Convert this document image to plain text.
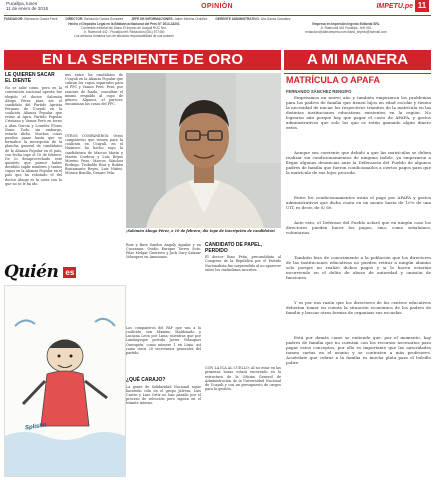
Pucallpa, lunes
11 de enero de 2016	OPINIÓN	IMPETU.pe 11
FUNDADOR: Raimundo Garcia Ferré	DIRECTOR: Raimundo Garcia Gonzalez	JEFE DE INFORMACIONES: Jaime Medina Ordoñez	GERENTE ADMINISTRATIVO: Lita Garcia Gonzalez
Hecho el Depósito Legal en la Biblioteca Nacional del Perú N° 2013-18201
Contenido editorial del Diario El Ímpetu de Ucayali RUC Nro.
Jr. Raimondi 442 - Pucallpa telf: Redacción (061) 577460
Los artículos firmados son de absoluta responsabilidad de sus autores
Empresa en Impresión Ingenio Editorial SRL
Jr. Raimondi 442 Pucallpa - telf: 061
redaccion@diarioimpetu.com diario_impetu@hotmail.com
EN LA SERPIENTE DE ORO	A MI MANERA
LE QUIEREN SACAR EL DIENTE
No se sabe cómo, pero en la convención nacional aprista fue elegido el doctor Salomón Abugo Pérez para ser el candidato del Partido Aprista Peruano de Ucayali en la coalición Alianza Popular que reúne al Apra, Partido Popular Cristiano y Vamos Perú en torno a Alan García y Lourdes Flores Nano. Todo, sin embargo, estaría dicho. Muchos cosas pueden pasar hasta que se formalice la inscripción de la plancha general de candidatos de la Alianza Popular en el país, con fecha tope el 10 de febrero. De lo desaprovechado este quinteto que parece haber decidido suplir nombres y tantos cupos en la Alianza Popular en el país que ha rebotado el del doctor Abugo es la carta con la que no se le ha ido.
nes entre los candidatos de Ucayali en la Alianza Popular que cubran los cupos separados para el PPC y Vamos Perú. Pero, por razones de fondo, consultan el mismo respaldo al cupo de género. Algunos, al parecer, encaminan las cosas del PPC.
OTROS COMPAÑEROS: Otros compañeros que vienen para la coalición en Ucayali, en el Huánuco ha hecho suyo la candidatura de Marcos Marín y Martín Cordova y Luis Reyes Moreno Pezo, Marcos Sánchez Rodrigo, Teobaldo Ríos y Rubén Bustamante Reyes, Luis Núñez, Mónica Bonilla, Genaro Vela.
¡Salomón Abugo Pérez, a 10 de febrero, día tope de inscripción de candidatos!
Ruiz y Bass Sandor Angoly Aguilar y en Cucasmas. Ovidio Enrique Torres Soto. Pilar Melgar Guerrero y Jack Gary Salazar Velasquez en Amasonas.
Los compañeros del PAP que van a la coalición son Maximo Maldonado y Luciana Leon por Lima; mientras que por Lambayeque postula Javier Velasquez Quesquén, como número 1 en Lima, así como otros 20 secretarios generales del partido.
¿QUÉ CARAJO?
La gente de Solidaridad Nacional sigue haciendo cola en el grupo Jalvera. Luis Castro y Luis Ortiz no han pasado por el proceso de selección pero siguen en el trámite interno.
CANDIDATO DE PAPEL, PERDIDO
El doctor Rino Peña, precandidato al Congreso de la República por el Partido Nacionalista fue sorprendido al no aparecer entre los ciudadanos inscritos.
CON LA ICA AL CUELLO: Al no estar en las primeras horas estará encerrado en la estructura de la Oficina General de Administración de la Universidad Nacional de Ucayali y con un presupuesto de cargos para la gestión.
Quién es
Splishh
MATRÍCULA O APAFA
FERNANDO SÁNCHEZ RENGIFO
Empezamos un nuevo año y también empezaron los problemas para los padres de familia que tienen hijos en edad escolar y tienen la necesidad de iniciar los respectivos trámites de la matrícula en las distintas instituciones educativas existentes en la región. No lograron aún porque hay que pagar el costo de APAFA, y gastos administrativos que solo los que se están ganando algún dinero extra.
Aunque sea corriente que debido a que las matrículas se deben realizar sin condicionamientos de ninguna índole, ya empezaron a llegar algunas denuncias ante la Defensoría del Pueblo de algunos padres de familia que fueron condicionados a ciertos pagos para que la matrícula de sus hijos proceda.
Entre los condicionamientos están el pago por APAFA y gastos administrativos que dicha cuota en un monto hasta de 10% de una UIT, es decir, de S/ 60.
Ante esto, el Defensor del Pueblo aclaró que en ningún caso los directores pueden hacer los pagos, sino, como señalamos, voluntarios.
También hizo de conocimiento a la población que los directores de las instituciones educativas no pueden retirar a ningún alumno solo porque no realizó dichos pagos y si lo hacen estarían incurriendo en el delito de abuso de autoridad y omisión de funciones.
Y es por esa razón que los directores de los centros educativos deberían tomar en cuenta la situación económica de los padres de familia y buscar otras formas de organizar sus escuelas.
Está por demás como se entiende que, por el momento, hay padres de familia que no cuentan con los recursos necesarios para pagar estos conceptos, por ello es importante que las autoridades tomen cartas en el asunto y se contraten a más profesores. Acuérdate que cobrar a la familia es mucha plata para el bolsillo pobre.
